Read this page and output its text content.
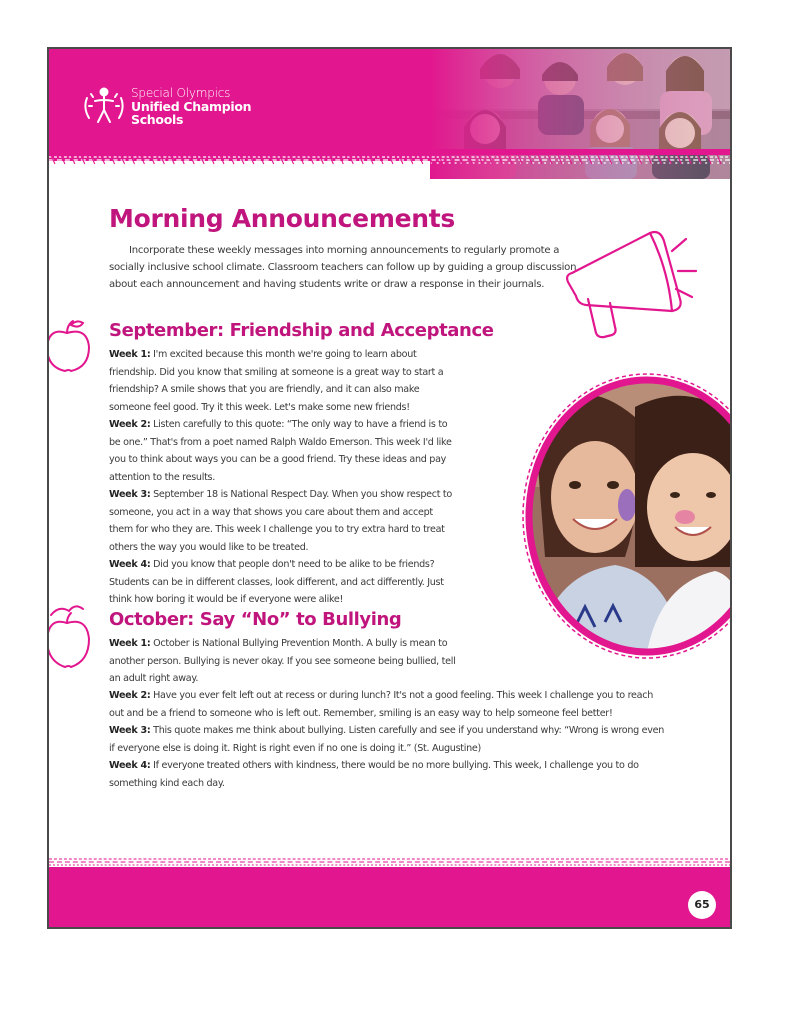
Special Olympics
Unified Champion
Schools
Morning Announcements

Incorporate these weekly messages into morning announcements to regularly promote a socially inclusive school climate. Classroom teachers can follow up by guiding a group discussion about each announcement and having students write or draw a response in their journals.

September: Friendship and Acceptance

Week 1: I'm excited because this month we're going to learn about friendship. Did you know that smiling at someone is a great way to start a friendship? A smile shows that you are friendly, and it can also make someone feel good. Try it this week. Let's make some new friends!

Week 2: Listen carefully to this quote: “The only way to have a friend is to be one.” That's from a poet named Ralph Waldo Emerson. This week I'd like you to think about ways you can be a good friend. Try these ideas and pay attention to the results.

Week 3: September 18 is National Respect Day. When you show respect to someone, you act in a way that shows you care about them and accept them for who they are. This week I challenge you to try extra hard to treat others the way you would like to be treated.

Week 4: Did you know that people don't need to be alike to be friends? Students can be in different classes, look different, and act differently. Just think how boring it would be if everyone were alike!

October: Say “No” to Bullying

Week 1: October is National Bullying Prevention Month. A bully is mean to another person. Bullying is never okay. If you see someone being bullied, tell an adult right away.

Week 2: Have you ever felt left out at recess or during lunch? It's not a good feeling. This week I challenge you to reach out and be a friend to someone who is left out. Remember, smiling is an easy way to help someone feel better!

Week 3: This quote makes me think about bullying. Listen carefully and see if you understand why: “Wrong is wrong even if everyone else is doing it. Right is right even if no one is doing it.” (St. Augustine)

Week 4: If everyone treated others with kindness, there would be no more bullying. This week, I challenge you to do something kind each day.

65
